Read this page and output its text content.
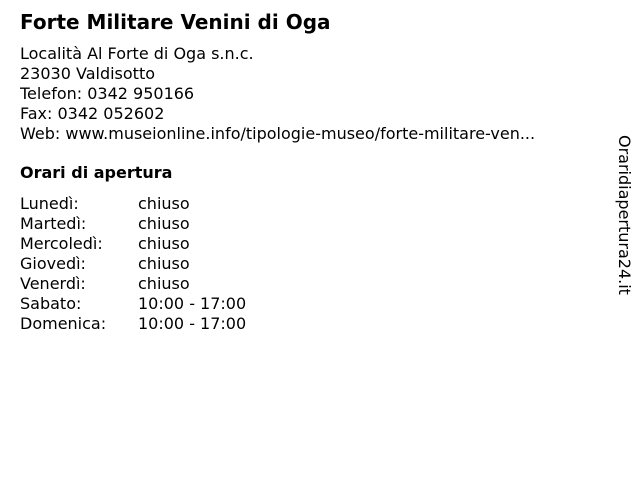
Forte Militare Venini di Oga
Località Al Forte di Oga s.n.c.
23030 Valdisotto
Telefon: 0342 950166
Fax: 0342 052602
Web: www.museionline.info/tipologie-museo/forte-militare-ven...
Orari di apertura
Lunedì:	chiuso
Martedì:	chiuso
Mercoledì:	chiuso
Giovedì:	chiuso
Venerdì:	chiuso
Sabato:	10:00 - 17:00
Domenica:	10:00 - 17:00
Oraridiapertura24.it
